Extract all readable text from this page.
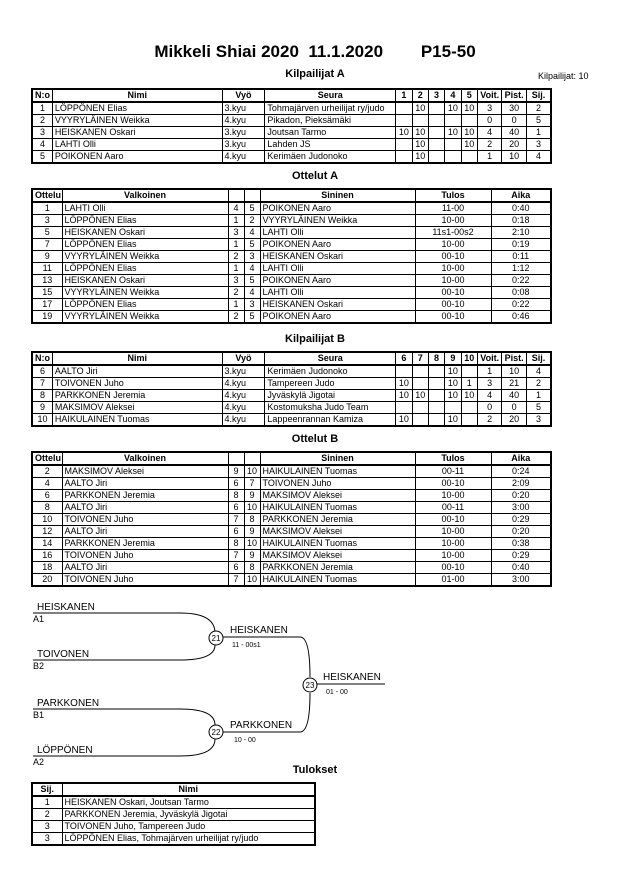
Mikkeli Shiai 2020  11.1.2020 P15-50
Kilpailijat A	Kilpailijat: 10
N:o	Nimi	Vyö	Seura	1	2	3	4	5	Voit.	Pist.	Sij.
1	LÖPPÖNEN Elias	3.kyu	Tohmajärven urheilijat ry/judo		10		10	10	3	30	2
2	VYYRYLÄINEN Weikka	4.kyu	Pikadon, Pieksämäki						0	0	5
3	HEISKANEN Oskari	3.kyu	Joutsan Tarmo	10	10		10	10	4	40	1
4	LAHTI Olli	3.kyu	Lahden JS		10			10	2	20	3
5	POIKONEN Aaro	4.kyu	Kerimäen Judonoko		10				1	10	4
Ottelut A
Ottelu	Valkoinen			Sininen	Tulos	Aika
1	LAHTI Olli	4	5	POIKONEN Aaro	11-00	0:40
3	LÖPPÖNEN Elias	1	2	VYYRYLÄINEN Weikka	10-00	0:18
5	HEISKANEN Oskari	3	4	LAHTI Olli	11s1-00s2	2:10
7	LÖPPÖNEN Elias	1	5	POIKONEN Aaro	10-00	0:19
9	VYYRYLÄINEN Weikka	2	3	HEISKANEN Oskari	00-10	0:11
11	LÖPPÖNEN Elias	1	4	LAHTI Olli	10-00	1:12
13	HEISKANEN Oskari	3	5	POIKONEN Aaro	10-00	0:22
15	VYYRYLÄINEN Weikka	2	4	LAHTI Olli	00-10	0:08
17	LÖPPÖNEN Elias	1	3	HEISKANEN Oskari	00-10	0:22
19	VYYRYLÄINEN Weikka	2	5	POIKONEN Aaro	00-10	0:46
Kilpailijat B
N:o	Nimi	Vyö	Seura	6	7	8	9	10	Voit.	Pist.	Sij.
6	AALTO Jiri	3.kyu	Kerimäen Judonoko				10		1	10	4
7	TOIVONEN Juho	4.kyu	Tampereen Judo	10			10	1	3	21	2
8	PARKKONEN Jeremia	4.kyu	Jyväskylä Jigotai	10	10		10	10	4	40	1
9	MAKSIMOV Aleksei	4.kyu	Kostomuksha Judo Team						0	0	5
10	HAIKULAINEN Tuomas	4.kyu	Lappeenrannan Kamiza	10			10		2	20	3
Ottelut B
Ottelu	Valkoinen			Sininen	Tulos	Aika
2	MAKSIMOV Aleksei	9	10	HAIKULAINEN Tuomas	00-11	0:24
4	AALTO Jiri	6	7	TOIVONEN Juho	00-10	2:09
6	PARKKONEN Jeremia	8	9	MAKSIMOV Aleksei	10-00	0:20
8	AALTO Jiri	6	10	HAIKULAINEN Tuomas	00-11	3:00
10	TOIVONEN Juho	7	8	PARKKONEN Jeremia	00-10	0:29
12	AALTO Jiri	6	9	MAKSIMOV Aleksei	10-00	0:20
14	PARKKONEN Jeremia	8	10	HAIKULAINEN Tuomas	10-00	0:38
16	TOIVONEN Juho	7	9	MAKSIMOV Aleksei	10-00	0:29
18	AALTO Jiri	6	8	PARKKONEN Jeremia	00-10	0:40
20	TOIVONEN Juho	7	10	HAIKULAINEN Tuomas	01-00	3:00
HEISKANEN
A1
TOIVONEN
B2
PARKKONEN
B1
LÖPPÖNEN
A2
21
22
23
HEISKANEN
11 - 00s1
PARKKONEN
10 - 00
HEISKANEN
01 - 00
Tulokset
Sij.	Nimi
1	HEISKANEN Oskari, Joutsan Tarmo
2	PARKKONEN Jeremia, Jyväskylä Jigotai
3	TOIVONEN Juho, Tampereen Judo
3	LÖPPÖNEN Elias, Tohmajärven urheilijat ry/judo
